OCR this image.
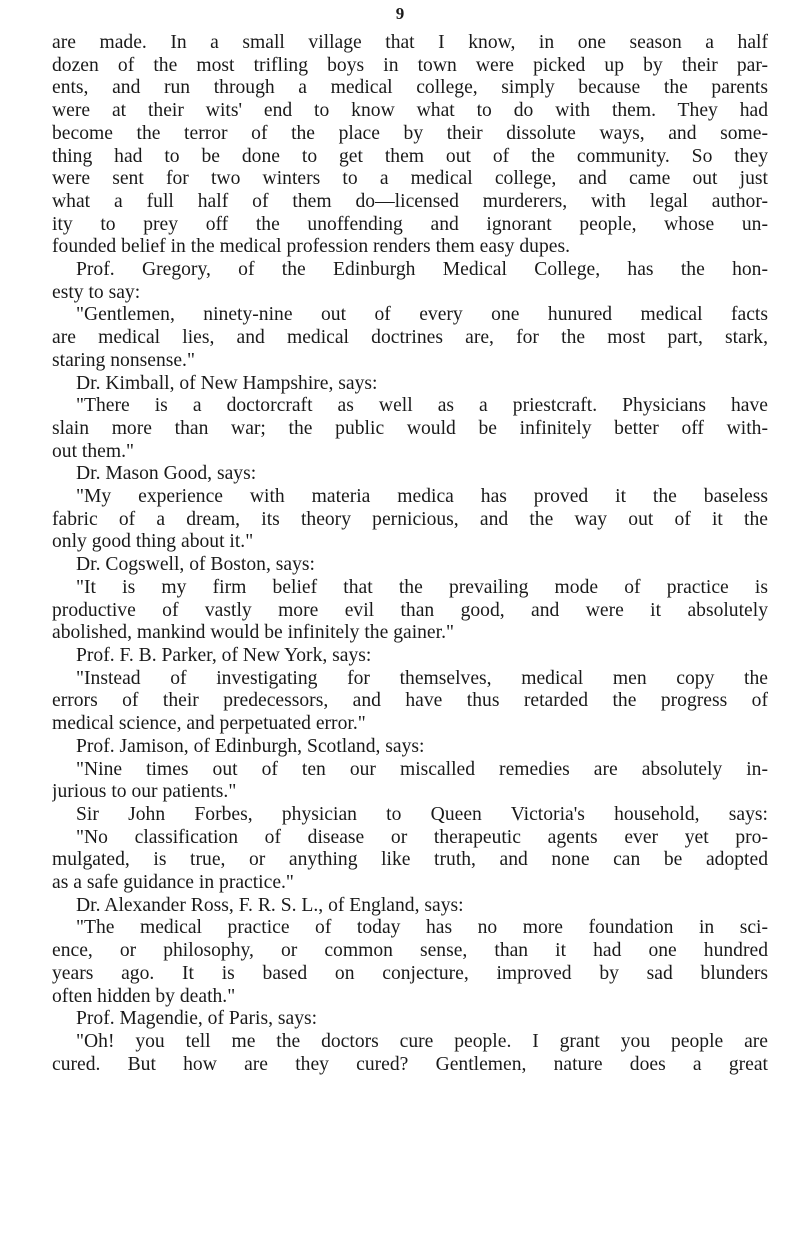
9
are made. In a small village that I know, in one season a half
dozen of the most trifling boys in town were picked up by their par-
ents, and run through a medical college, simply because the parents
were at their wits' end to know what to do with them. They had
become the terror of the place by their dissolute ways, and some-
thing had to be done to get them out of the community. So they
were sent for two winters to a medical college, and came out just
what a full half of them do—licensed murderers, with legal author-
ity to prey off the unoffending and ignorant people, whose un-
founded belief in the medical profession renders them easy dupes.
Prof. Gregory, of the Edinburgh Medical College, has the hon-
esty to say:
"Gentlemen, ninety-nine out of every one hunured medical facts
are medical lies, and medical doctrines are, for the most part, stark,
staring nonsense."
Dr. Kimball, of New Hampshire, says:
"There is a doctorcraft as well as a priestcraft. Physicians have
slain more than war; the public would be infinitely better off with-
out them."
Dr. Mason Good, says:
"My experience with materia medica has proved it the baseless
fabric of a dream, its theory pernicious, and the way out of it the
only good thing about it."
Dr. Cogswell, of Boston, says:
"It is my firm belief that the prevailing mode of practice is
productive of vastly more evil than good, and were it absolutely
abolished, mankind would be infinitely the gainer."
Prof. F. B. Parker, of New York, says:
"Instead of investigating for themselves, medical men copy the
errors of their predecessors, and have thus retarded the progress of
medical science, and perpetuated error."
Prof. Jamison, of Edinburgh, Scotland, says:
"Nine times out of ten our miscalled remedies are absolutely in-
jurious to our patients."
Sir John Forbes, physician to Queen Victoria's household, says:
"No classification of disease or therapeutic agents ever yet pro-
mulgated, is true, or anything like truth, and none can be adopted
as a safe guidance in practice."
Dr. Alexander Ross, F. R. S. L., of England, says:
"The medical practice of today has no more foundation in sci-
ence, or philosophy, or common sense, than it had one hundred
years ago. It is based on conjecture, improved by sad blunders
often hidden by death."
Prof. Magendie, of Paris, says:
"Oh! you tell me the doctors cure people. I grant you people are
cured. But how are they cured? Gentlemen, nature does a great
